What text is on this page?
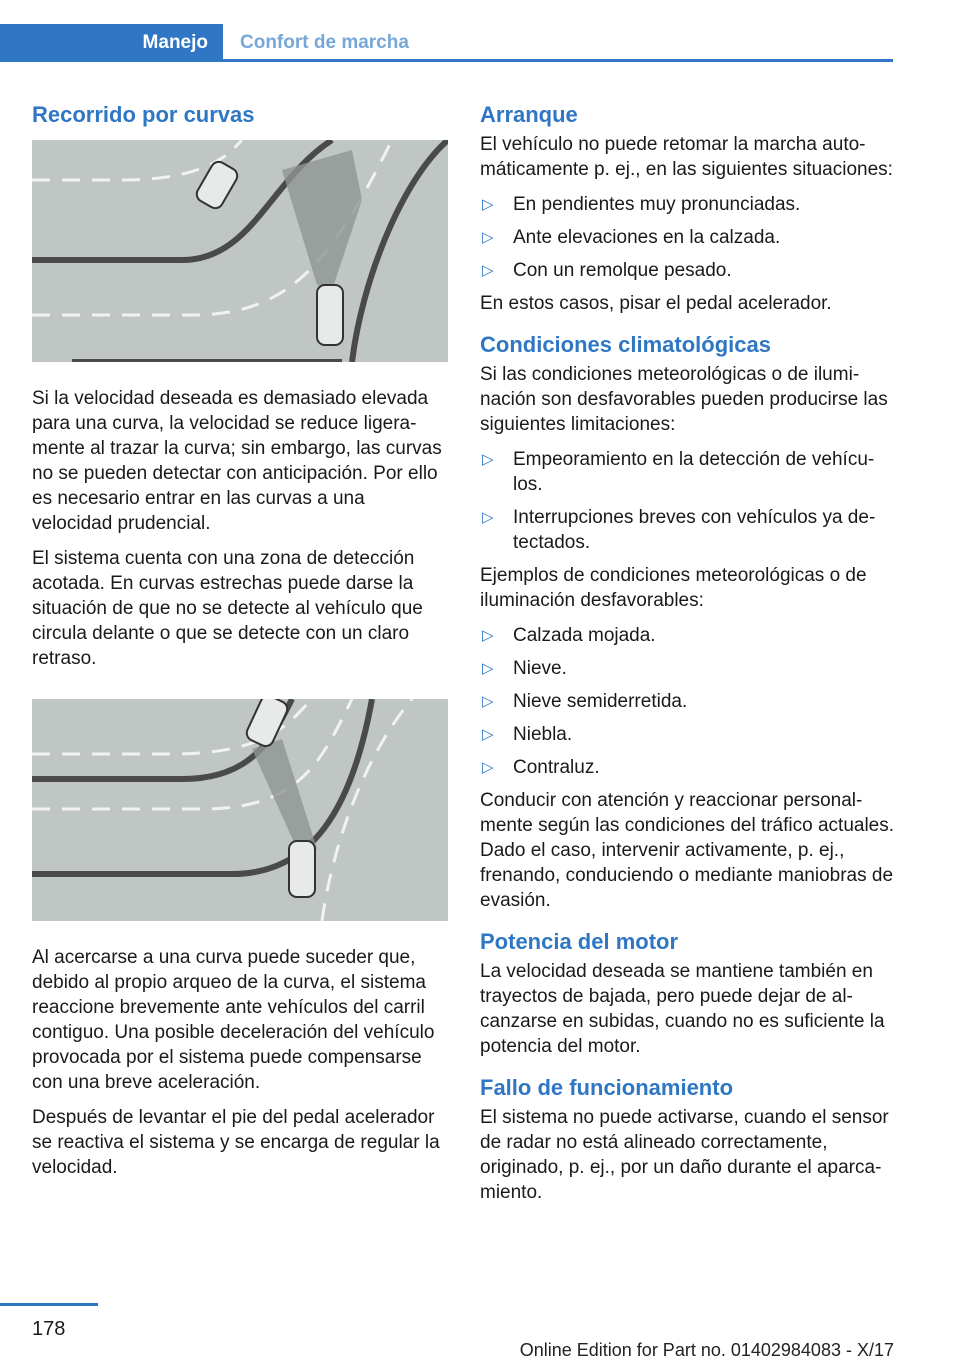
Manejo Confort de marcha
Recorrido por curvas

Si la velocidad deseada es demasiado elevada para una curva, la velocidad se reduce ligeramente al trazar la curva; sin embargo, las curvas no se pueden detectar con anticipación. Por ello es necesario entrar en las curvas a una velocidad prudencial.

El sistema cuenta con una zona de detección acotada. En curvas estrechas puede darse la situación de que no se detecte al vehículo que circula delante o que se detecte con un claro retraso.

Al acercarse a una curva puede suceder que, debido al propio arqueo de la curva, el sistema reaccione brevemente ante vehículos del carril contiguo. Una posible deceleración del vehículo provocada por el sistema puede compensarse con una breve aceleración.

Después de levantar el pie del pedal acelerador se reactiva el sistema y se encarga de regular la velocidad.

Arranque

El vehículo no puede retomar la marcha automáticamente p. ej., en las siguientes situaciones:

▷ En pendientes muy pronunciadas.
▷ Ante elevaciones en la calzada.
▷ Con un remolque pesado.

En estos casos, pisar el pedal acelerador.

Condiciones climatológicas

Si las condiciones meteorológicas o de iluminación son desfavorables pueden producirse las siguientes limitaciones:

▷ Empeoramiento en la detección de vehículos.
▷ Interrupciones breves con vehículos ya detectados.

Ejemplos de condiciones meteorológicas o de iluminación desfavorables:

▷ Calzada mojada.
▷ Nieve.
▷ Nieve semiderretida.
▷ Niebla.
▷ Contraluz.

Conducir con atención y reaccionar personalmente según las condiciones del tráfico actuales. Dado el caso, intervenir activamente, p. ej., frenando, conduciendo o mediante maniobras de evasión.

Potencia del motor

La velocidad deseada se mantiene también en trayectos de bajada, pero puede dejar de alcanzarse en subidas, cuando no es suficiente la potencia del motor.

Fallo de funcionamiento

El sistema no puede activarse, cuando el sensor de radar no está alineado correctamente, originado, p. ej., por un daño durante el aparcamiento.

178
Online Edition for Part no. 01402984083 - X/17
